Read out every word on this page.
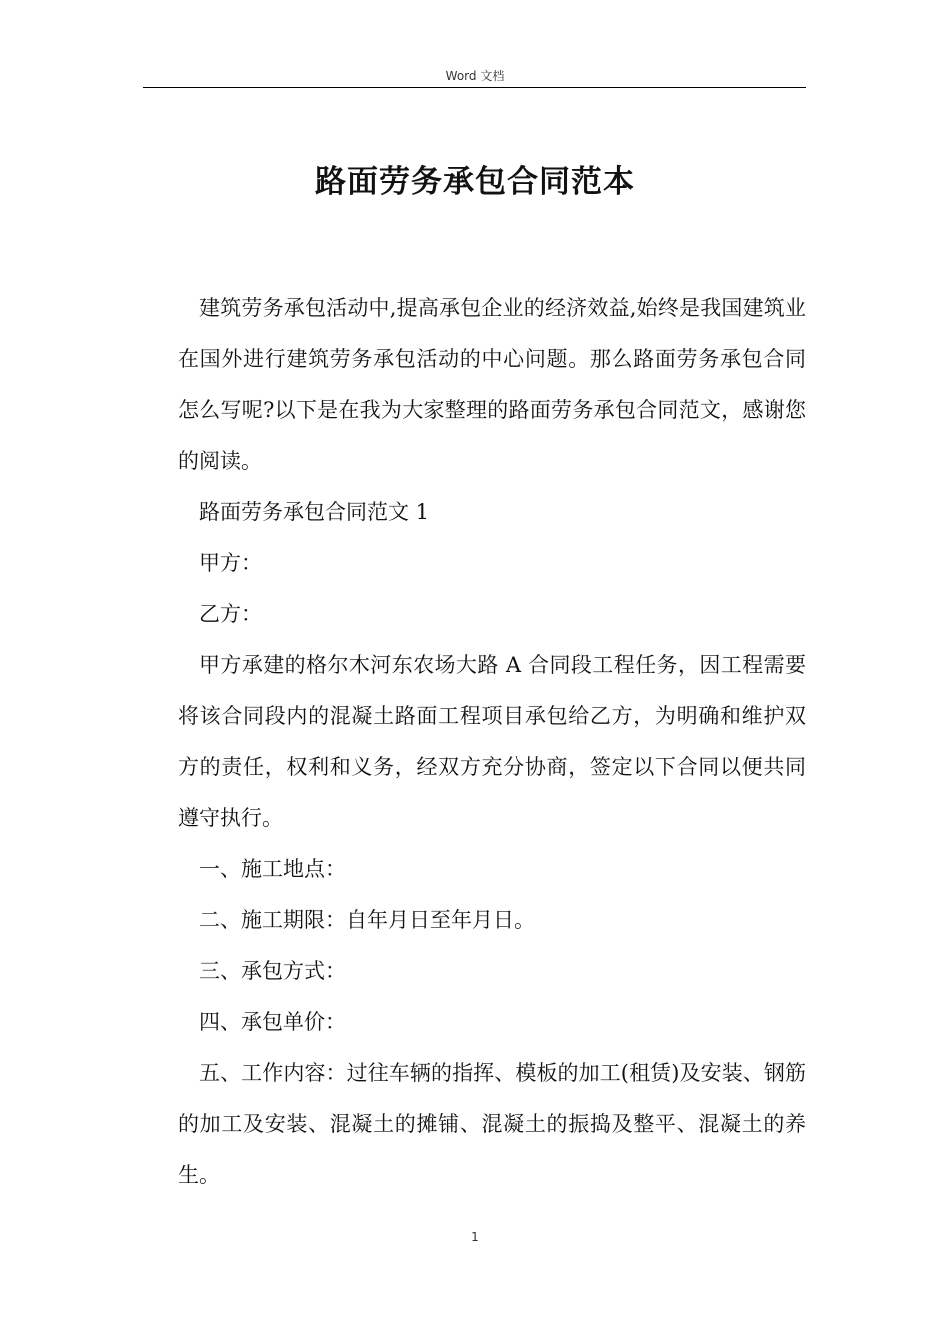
Word 文档
路面劳务承包合同范本

建筑劳务承包活动中,提高承包企业的经济效益,始终是我国建筑业在国外进行建筑劳务承包活动的中心问题。那么路面劳务承包合同怎么写呢?以下是在我为大家整理的路面劳务承包合同范文，感谢您的阅读。

路面劳务承包合同范文 1

甲方：

乙方：

甲方承建的格尔木河东农场大路 A 合同段工程任务，因工程需要将该合同段内的混凝土路面工程项目承包给乙方，为明确和维护双方的责任，权利和义务，经双方充分协商，签定以下合同以便共同遵守执行。

一、施工地点：

二、施工期限：自年月日至年月日。

三、承包方式：

四、承包单价：

五、工作内容：过往车辆的指挥、模板的加工(租赁)及安装、钢筋的加工及安装、混凝土的摊铺、混凝土的振捣及整平、混凝土的养生。

1
